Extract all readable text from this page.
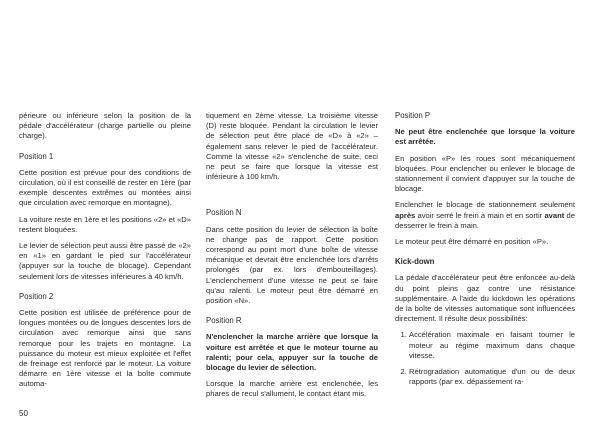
périeure ou inférieure selon la position de la pédale d'accélérateur (charge partielle ou pleine charge).

Position 1

Cette position est prévue pour des conditions de circulation, où il est conseillé de rester en 1ère (par exemple descentes extrêmes ou montées ainsi que circulation avec remorque en montagne).

La voiture reste en 1ère et les positions «2» et «D» restent bloquées.

Le levier de sélection peut aussi être passé de «2» en «1» en gardant le pied sur l'accélérateur (appuyer sur la touche de blocage). Cependant seulement lors de vitesses inférieures à 40 km/h.

Position 2

Cette position est utilisée de préférence pour de longues montées ou de longues descentes lors de circulation avec remorque ainsi que sans remorque pour les trajets en montagne. La puissance du moteur est mieux exploitée et l'effet de freinage est renforcé par le moteur. La voiture démarre en 1ère vitesse et la boîte commute automa-

tiquement en 2ème vitesse. La troisième vitesse (D) reste bloquée. Pendant la circulation le levier de sélection peut être placé de «D» à «2» – également sans relever le pied de l'accélérateur. Comme la vitesse «2» s'enclenche de suite, ceci ne peut se faire que lorsque la vitesse est inférieure à 100 km/h.

Position N

Dans cette position du levier de sélection la boîte ne change pas de rapport. Cette position correspond au point mort d'une boîte de vitesse mécanique et devrait être enclenchée lors d'arrêts prolongés (par ex. lors d'embouteillages). L'enclenchement d'une vitesse ne peut se faire qu'au ralenti. Le moteur peut être démarré en position «N».

Position R

N'enclencher la marche arrière que lorsque la voiture est arrêtée et que le moteur tourne au ralenti; pour cela, appuyer sur la touche de blocage du levier de sélection.

Lorsque la marche arrière est enclenchée, les phares de recul s'allument, le contact étant mis.

Position P

Ne peut être enclenchée que lorsque la voiture est arrêtée.

En position «P» les roues sont mécaniquement bloquées. Pour enclencher ou enlever le blocage de stationnement il convient d'appuyer sur la touche de blocage.

Enclencher le blocage de stationnement seulement après avoir serré le frein à main et en sortir avant de desserrer le frein à main.

Le moteur peut être démarré en position «P».

Kick-down

La pédale d'accélérateur peut être enfoncée au-delà du point pleins gaz contre une résistance supplémentaire. A l'aide du kickdown les opérations de la boîte de vitesses automatique sont influencées directement. Il résulte deux possibilités:

1. Accélération maximale en faisant tourner le moteur au régime maximum dans chaque vitesse.
2. Rétrogradation automatique d'un ou de deux rapports (par ex. dépassement ra-
50
